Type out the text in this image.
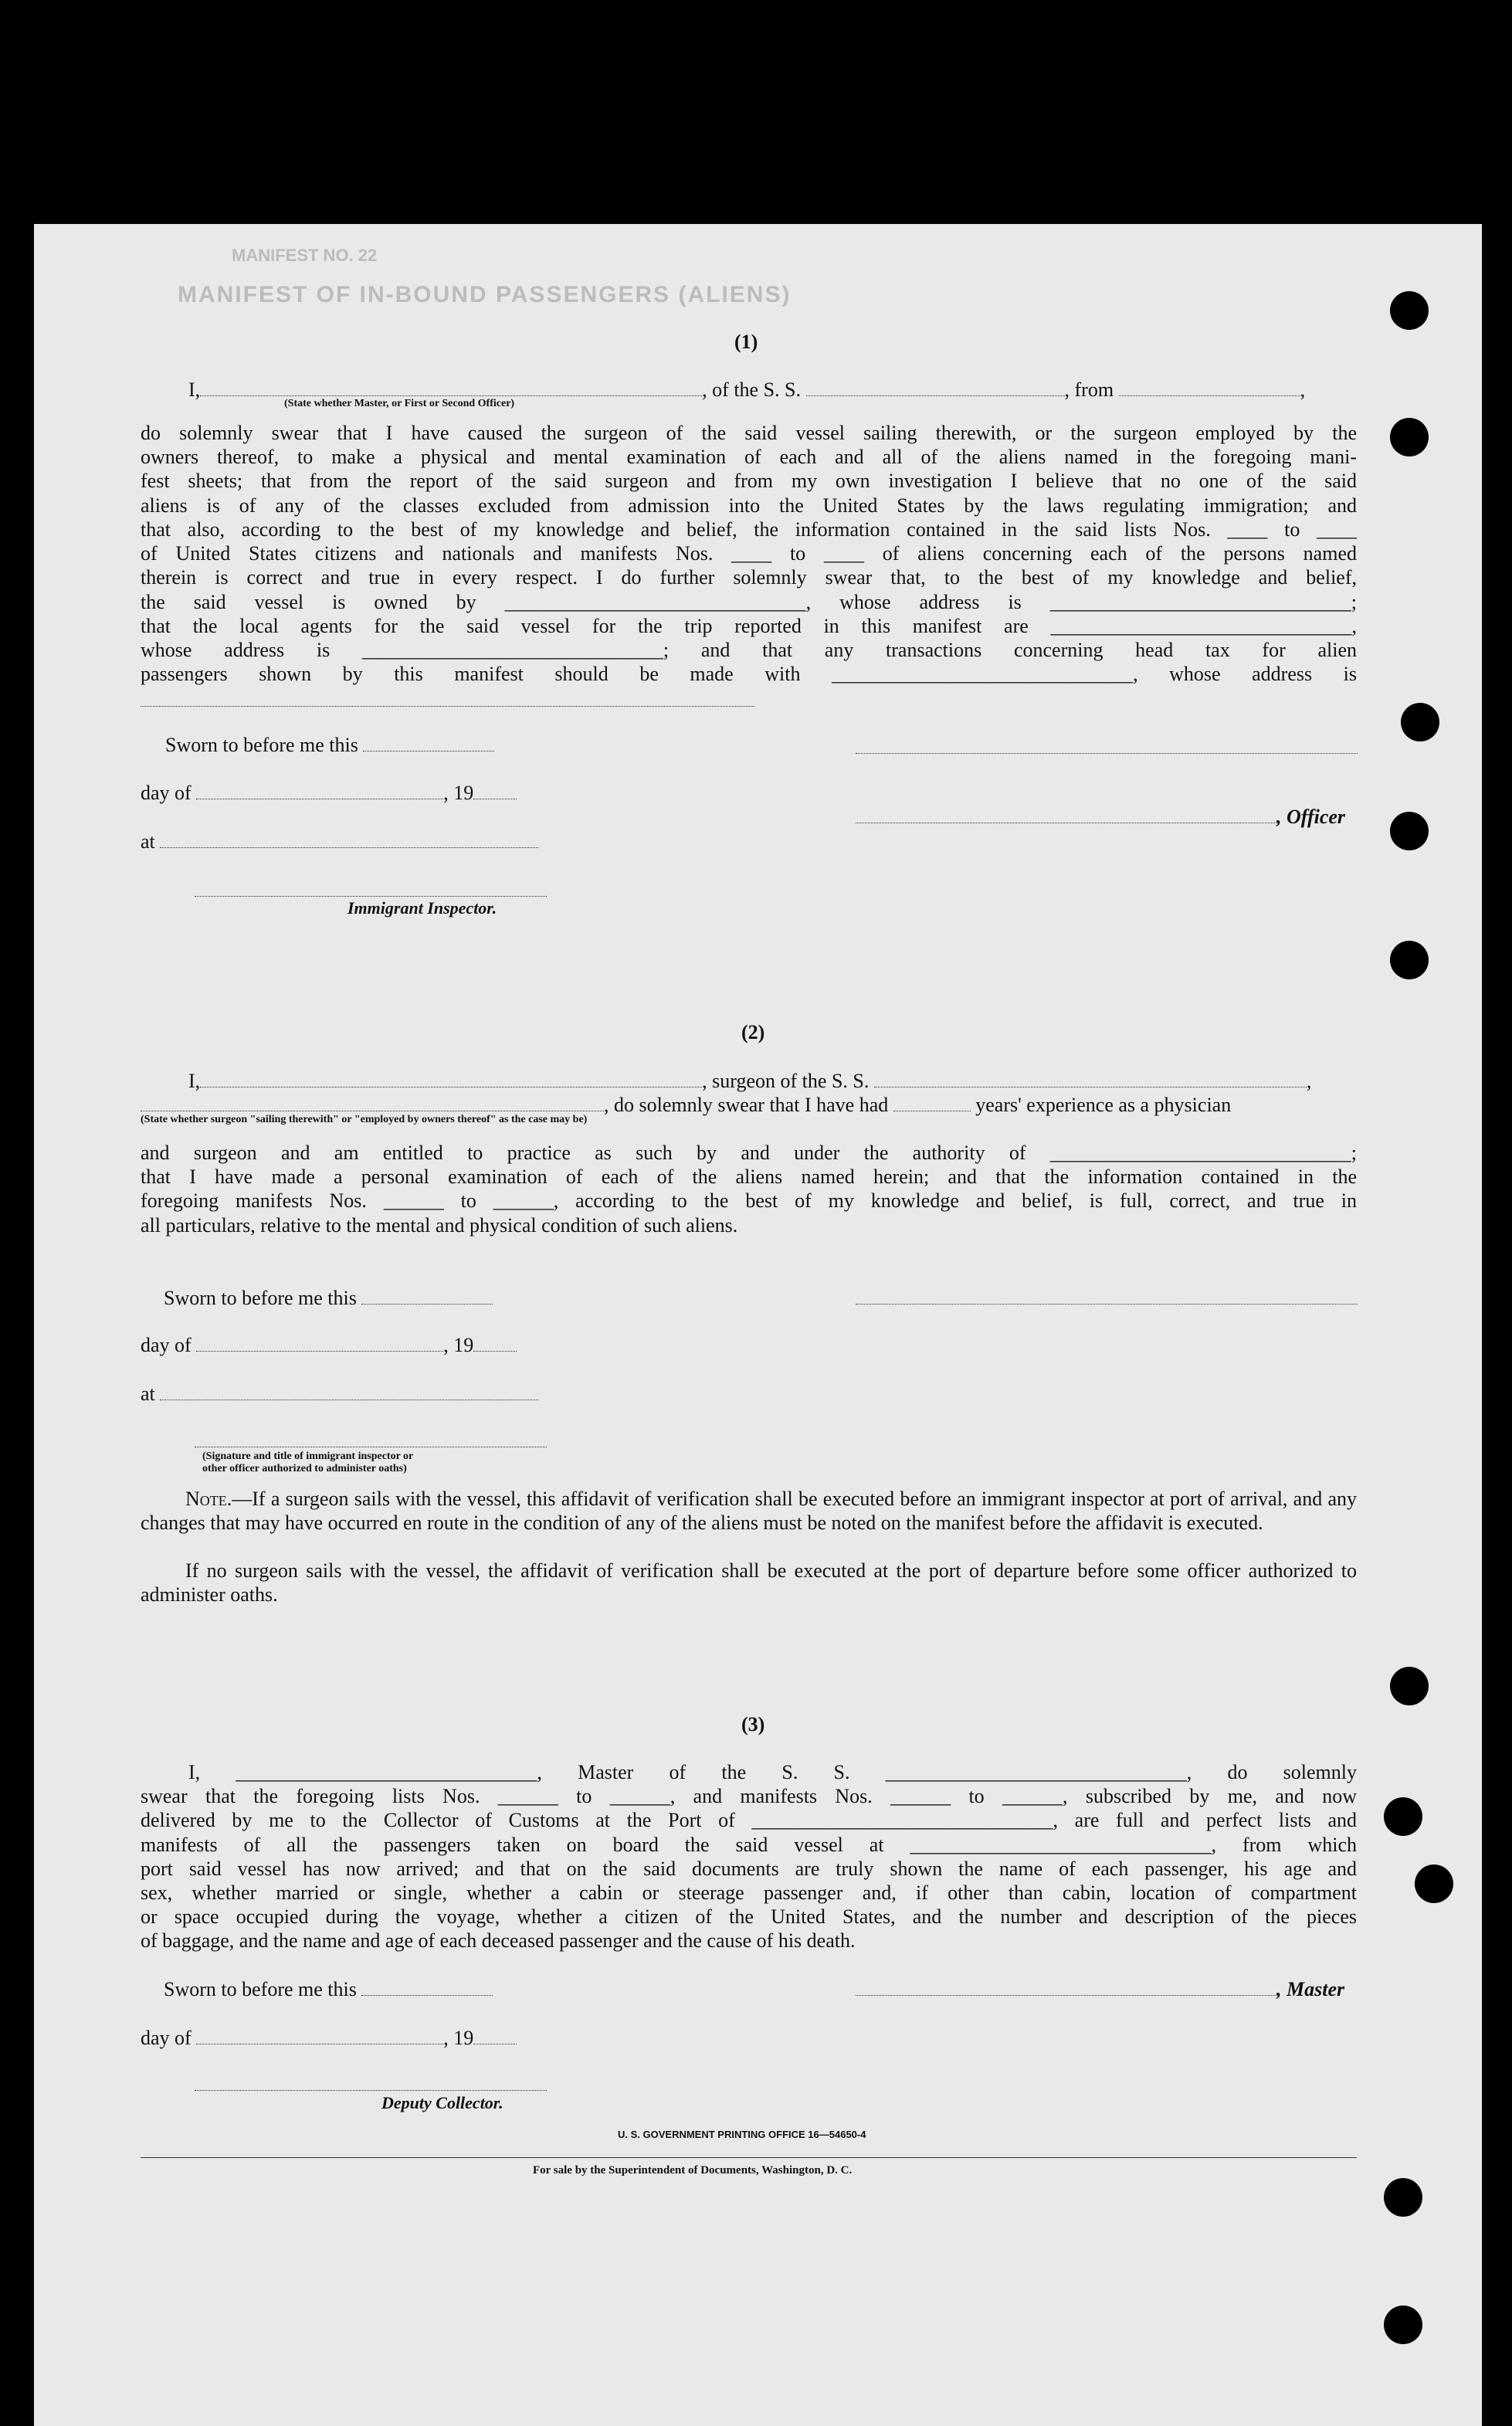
MANIFEST NO. 22
MANIFEST OF IN-BOUND PASSENGERS (ALIENS)
(1)
I,	, of the S. S.	, from	,
(State whether Master, or First or Second Officer)
do solemnly swear that I have caused the surgeon of the said vessel sailing therewith, or the surgeon employed by the
owners thereof, to make a physical and mental examination of each and all of the aliens named in the foregoing mani-
fest sheets; that from the report of the said surgeon and from my own investigation I believe that no one of the said
aliens is of any of the classes excluded from admission into the United States by the laws regulating immigration; and
that also, according to the best of my knowledge and belief, the information contained in the said lists Nos. ____ to ____
of United States citizens and nationals and manifests Nos. ____ to ____ of aliens concerning each of the persons named
therein is correct and true in every respect. I do further solemnly swear that, to the best of my knowledge and belief,
the said vessel is owned by ______________________________, whose address is ______________________________;
that the local agents for the said vessel for the trip reported in this manifest are ______________________________,
whose address is ______________________________; and that any transactions concerning head tax for alien
passengers shown by this manifest should be made with ______________________________, whose address is
Sworn to before me this
day of	, 19
, Officer
at
Immigrant Inspector.
(2)
I,	, surgeon of the S. S.	,
, do solemnly swear that I have had	years' experience as a physician
(State whether surgeon "sailing therewith" or "employed by owners thereof" as the case may be)
and surgeon and am entitled to practice as such by and under the authority of ______________________________;
that I have made a personal examination of each of the aliens named herein; and that the information contained in the
foregoing manifests Nos. ______ to ______, according to the best of my knowledge and belief, is full, correct, and true in
all particulars, relative to the mental and physical condition of such aliens.
Sworn to before me this
day of	, 19
at
(Signature and title of immigrant inspector or
other officer authorized to administer oaths)
Note.—If a surgeon sails with the vessel, this affidavit of verification shall be executed before an immigrant inspector at port of arrival, and any changes that may have occurred en route in the condition of any of the aliens must be noted on the manifest before the affidavit is executed.
If no surgeon sails with the vessel, the affidavit of verification shall be executed at the port of departure before some officer authorized to administer oaths.
(3)
I, ______________________________, Master of the S. S. ______________________________, do solemnly
swear that the foregoing lists Nos. ______ to ______, and manifests Nos. ______ to ______, subscribed by me, and now
delivered by me to the Collector of Customs at the Port of ______________________________, are full and perfect lists and
manifests of all the passengers taken on board the said vessel at ______________________________, from which
port said vessel has now arrived; and that on the said documents are truly shown the name of each passenger, his age and
sex, whether married or single, whether a cabin or steerage passenger and, if other than cabin, location of compartment
or space occupied during the voyage, whether a citizen of the United States, and the number and description of the pieces
of baggage, and the name and age of each deceased passenger and the cause of his death.
Sworn to before me this	, Master
day of	, 19
Deputy Collector.
U. S. GOVERNMENT PRINTING OFFICE 16—54650-4
For sale by the Superintendent of Documents, Washington, D. C.
